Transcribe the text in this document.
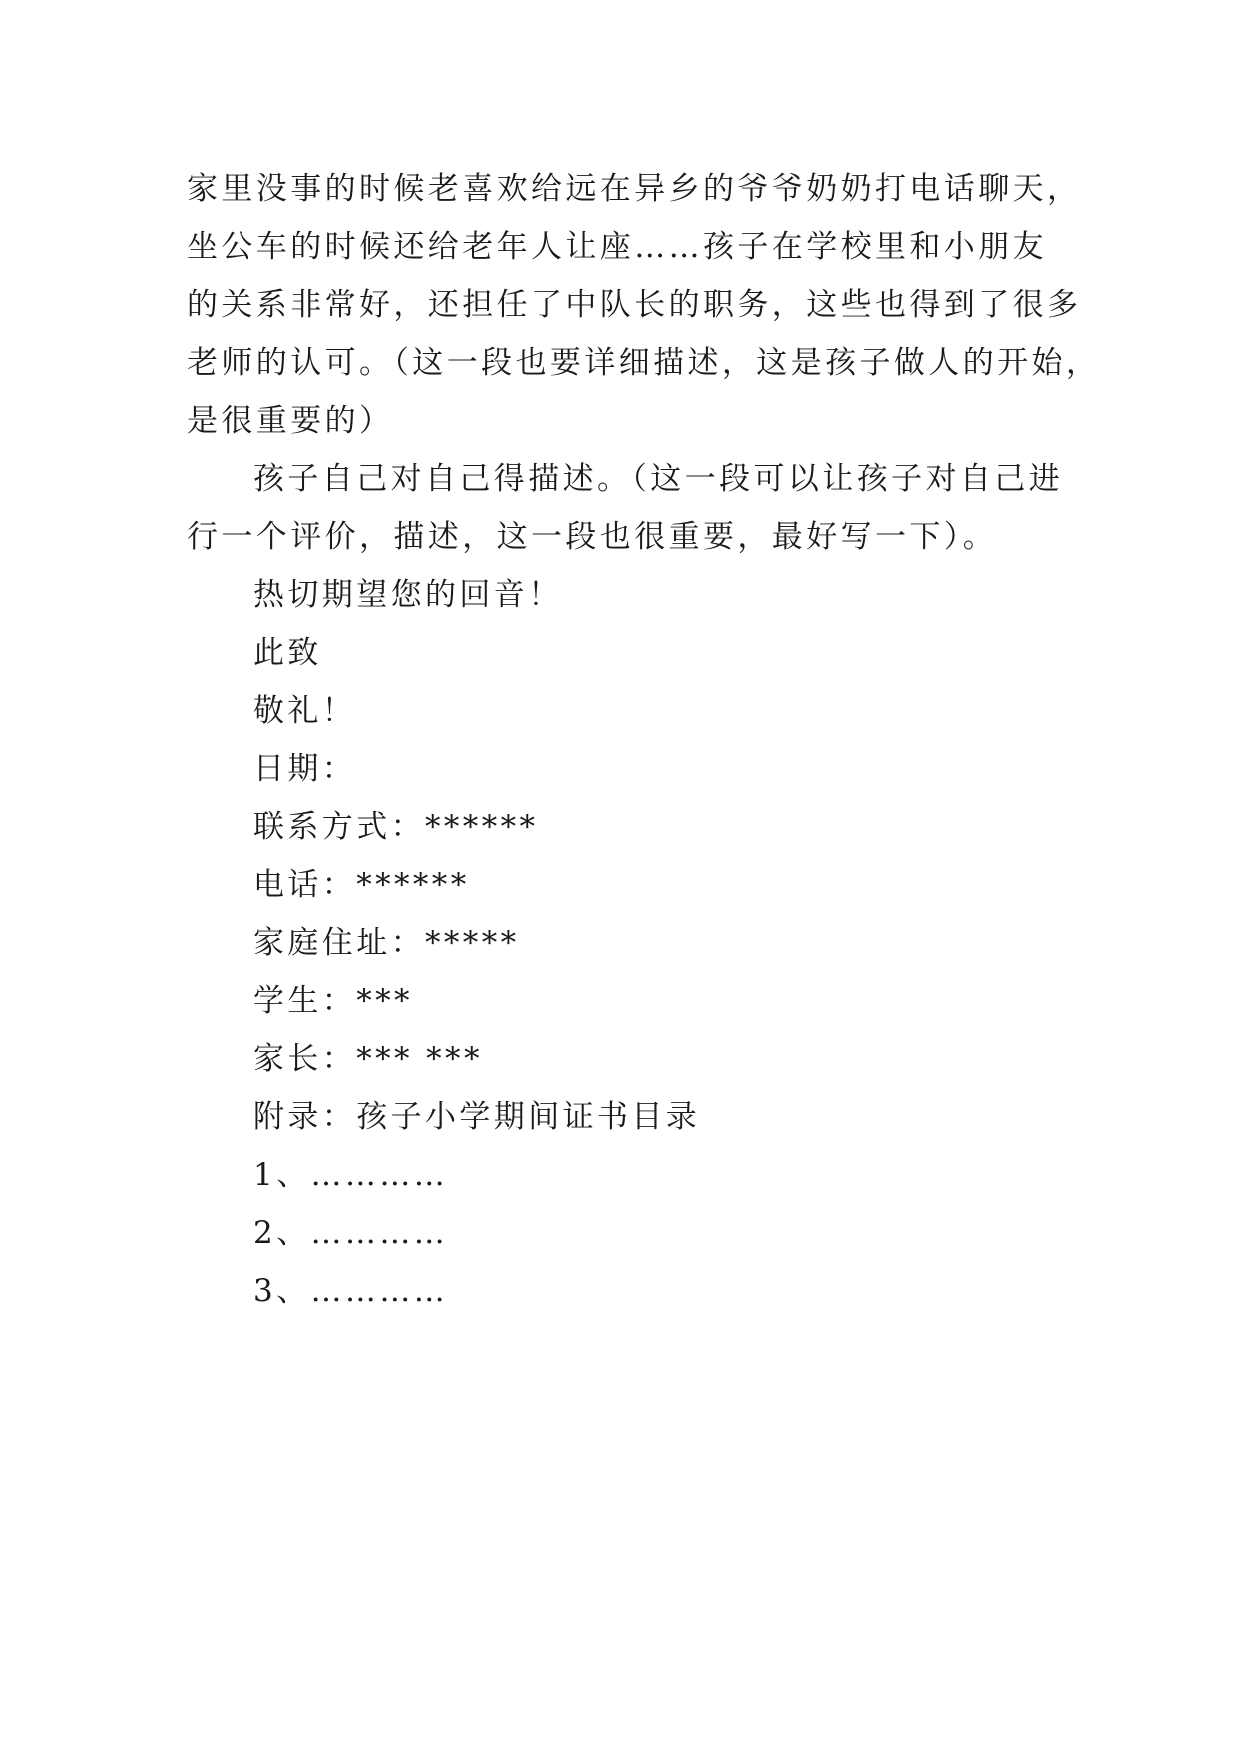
家里没事的时候老喜欢给远在异乡的爷爷奶奶打电话聊天，
坐公车的时候还给老年人让座……孩子在学校里和小朋友
的关系非常好，还担任了中队长的职务，这些也得到了很多
老师的认可。（这一段也要详细描述，这是孩子做人的开始，
是很重要的）

孩子自己对自己得描述。（这一段可以让孩子对自己进
行一个评价，描述，这一段也很重要，最好写一下）。

热切期望您的回音！

此致

敬礼！

日期：

联系方式：******

电话：******

家庭住址：*****

学生：***

家长：*** ***

附录：孩子小学期间证书目录

1、…………

2、…………

3、…………
